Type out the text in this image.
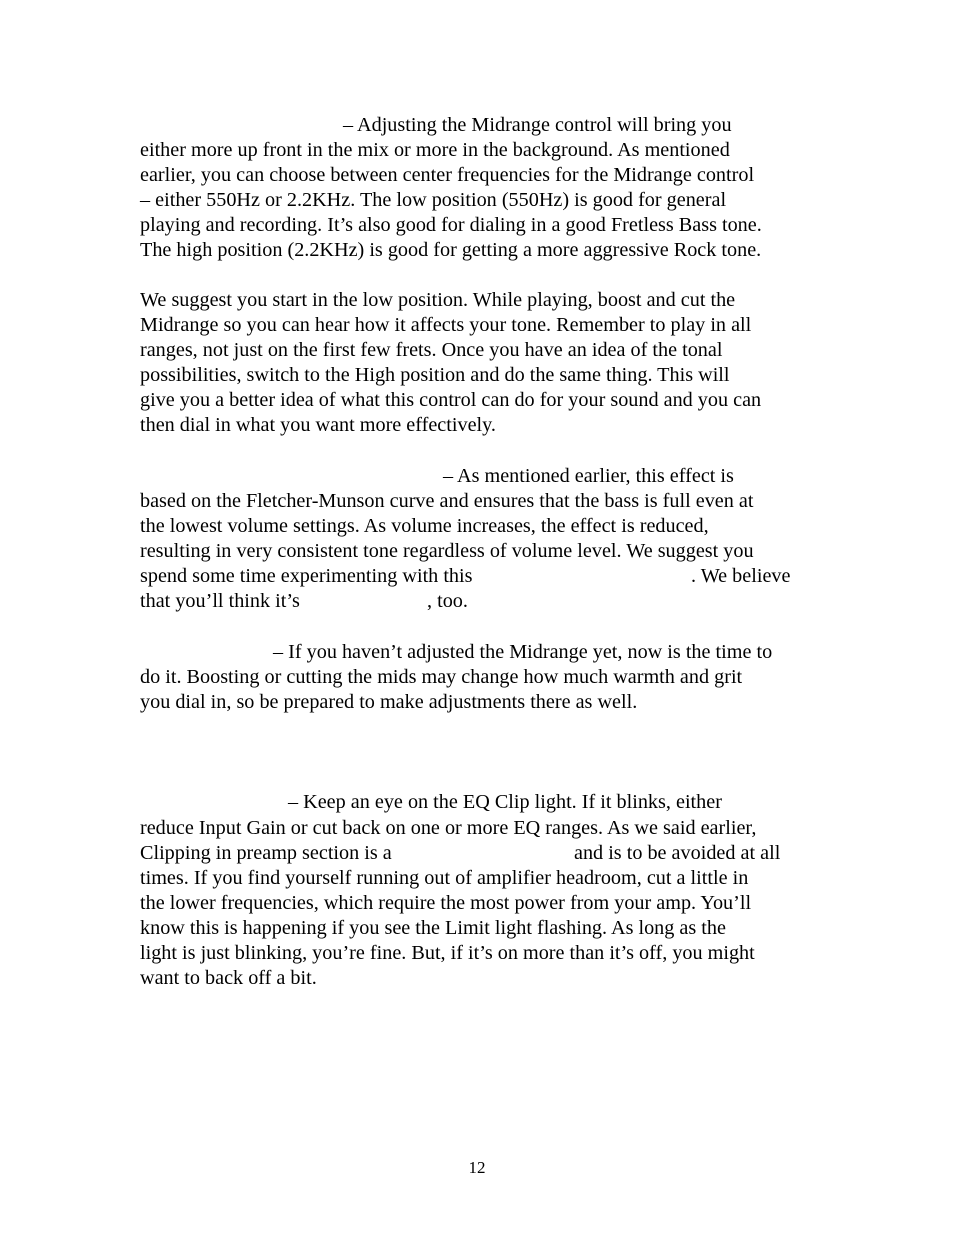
– Adjusting the Midrange control will bring you

either more up front in the mix or more in the background. As mentioned

earlier, you can choose between center frequencies for the Midrange control

– either 550Hz or 2.2KHz. The low position (550Hz) is good for general

playing and recording. It’s also good for dialing in a good Fretless Bass tone.

The high position (2.2KHz) is good for getting a more aggressive Rock tone.

We suggest you start in the low position. While playing, boost and cut the

Midrange so you can hear how it affects your tone. Remember to play in all

ranges, not just on the first few frets. Once you have an idea of the tonal

possibilities, switch to the High position and do the same thing. This will

give you a better idea of what this control can do for your sound and you can

then dial in what you want more effectively.

– As mentioned earlier, this effect is

based on the Fletcher-Munson curve and ensures that the bass is full even at

the lowest volume settings. As volume increases, the effect is reduced,

resulting in very consistent tone regardless of volume level. We suggest you

spend some time experimenting with this	. We believe

that you’ll think it’s	, too.

– If you haven’t adjusted the Midrange yet, now is the time to

do it. Boosting or cutting the mids may change how much warmth and grit

you dial in, so be prepared to make adjustments there as well.

– Keep an eye on the EQ Clip light. If it blinks, either

reduce Input Gain or cut back on one or more EQ ranges. As we said earlier,

Clipping in preamp section is a	and is to be avoided at all

times. If you find yourself running out of amplifier headroom, cut a little in

the lower frequencies, which require the most power from your amp. You’ll

know this is happening if you see the Limit light flashing. As long as the

light is just blinking, you’re fine. But, if it’s on more than it’s off, you might

want to back off a bit.

12
